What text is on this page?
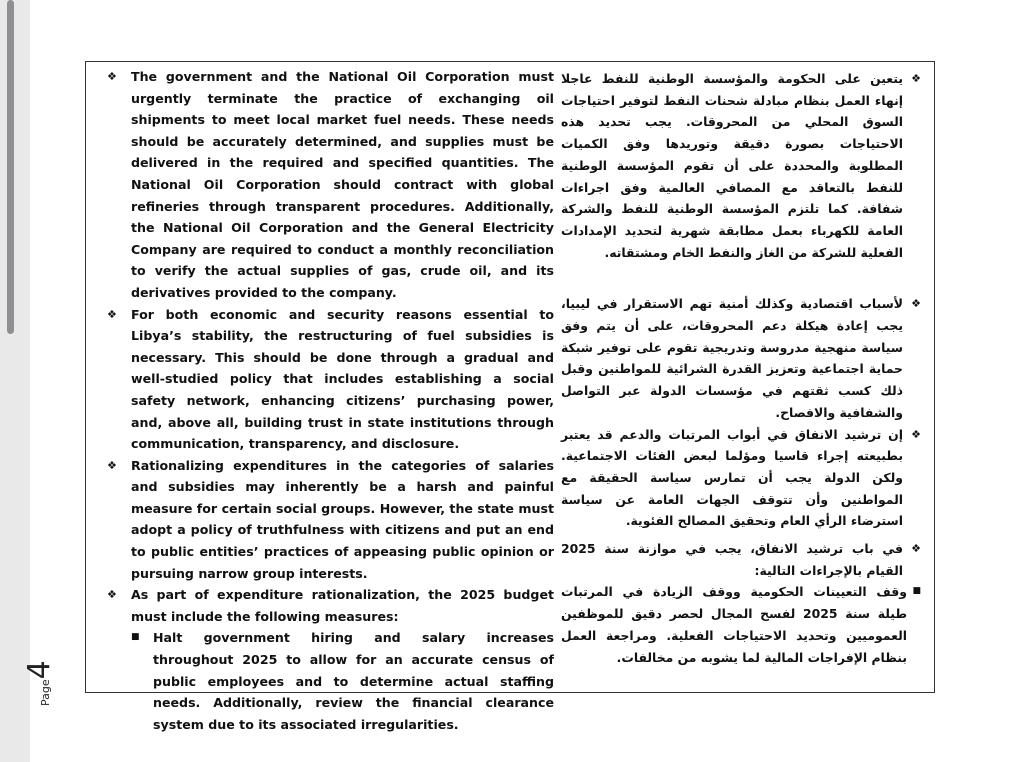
Page4
❖	The government and the National Oil Corporation must urgently terminate the practice of exchanging oil shipments to meet local market fuel needs. These needs should be accurately determined, and supplies must be delivered in the required and specified quantities. The National Oil Corporation should contract with global refineries through transparent procedures. Additionally, the National Oil Corporation and the General Electricity Company are required to conduct a monthly reconciliation to verify the actual supplies of gas, crude oil, and its derivatives provided to the company.
❖	For both economic and security reasons essential to Libya’s stability, the restructuring of fuel subsidies is necessary. This should be done through a gradual and well-studied policy that includes establishing a social safety network, enhancing citizens’ purchasing power, and, above all, building trust in state institutions through communication, transparency, and disclosure.
❖	Rationalizing expenditures in the categories of salaries and subsidies may inherently be a harsh and painful measure for certain social groups. However, the state must adopt a policy of truthfulness with citizens and put an end to public entities’ practices of appeasing public opinion or pursuing narrow group interests.
❖	As part of expenditure rationalization, the 2025 budget must include the following measures:
■	Halt government hiring and salary increases throughout 2025 to allow for an accurate census of public employees and to determine actual staffing needs. Additionally, review the financial clearance system due to its associated irregularities.
❖
يتعين على الحكومة والمؤسسة الوطنية للنفط عاجلا إنهاء العمل بنظام مبادلة شحنات النفط لتوفير احتياجات السوق المحلي من المحروقات. يجب تحديد هذه الاحتياجات بصورة دقيقة وتوريدها وفق الكميات المطلوبة والمحددة على أن تقوم المؤسسة الوطنية للنفط بالتعاقد مع المصافي العالمية وفق اجراءات شفافة. كما تلتزم المؤسسة الوطنية للنفط والشركة العامة للكهرباء بعمل مطابقة شهرية لتحديد الإمدادات الفعلية للشركة من الغاز والنفط الخام ومشتقاته.
❖
لأسباب اقتصادية وكذلك أمنية تهم الاستقرار في ليبيا، يجب إعادة هيكلة دعم المحروقات، على أن يتم وفق سياسة منهجية مدروسة وتدريجية تقوم على توفير شبكة حماية اجتماعية وتعزيز القدرة الشرائية للمواطنين وقبل ذلك كسب ثقتهم في مؤسسات الدولة عبر التواصل والشفافية والافصاح.
❖
إن ترشيد الانفاق في أبواب المرتبات والدعم قد يعتبر بطبيعته إجراء قاسيا ومؤلما لبعض الفئات الاجتماعية. ولكن الدولة يجب أن تمارس سياسة الحقيقة مع المواطنين وأن تتوقف الجهات العامة عن سياسة استرضاء الرأي العام وتحقيق المصالح الفئوية.
❖
في باب ترشيد الانفاق، يجب في موازنة سنة 2025 القيام بالإجراءات التالية:
■
وقف التعيينات الحكومية ووقف الزيادة في المرتبات طيلة سنة 2025 لفسح المجال لحصر دقيق للموظفين العموميين وتحديد الاحتياجات الفعلية. ومراجعة العمل بنظام الإفراجات المالية لما يشوبه من مخالفات.
